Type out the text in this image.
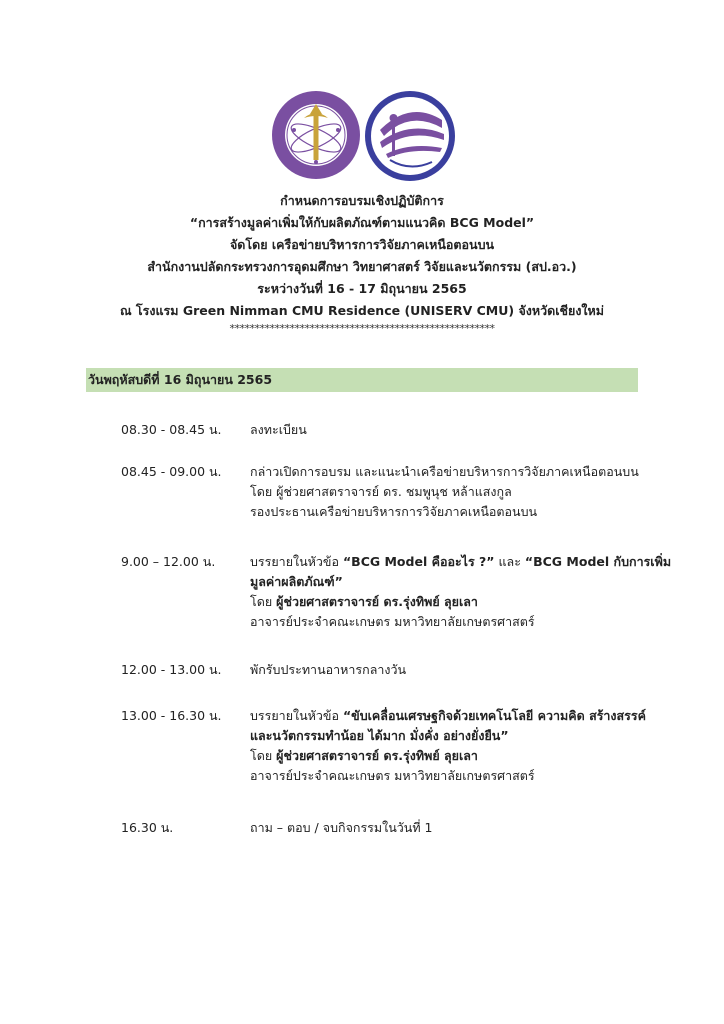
กำหนดการอบรมเชิงปฏิบัติการ
“การสร้างมูลค่าเพิ่มให้กับผลิตภัณฑ์ตามแนวคิด BCG Model”
จัดโดย เครือข่ายบริหารการวิจัยภาคเหนือตอนบน
สำนักงานปลัดกระทรวงการอุดมศึกษา วิทยาศาสตร์ วิจัยและนวัตกรรม (สป.อว.)
ระหว่างวันที่ 16 - 17 มิถุนายน 2565
ณ โรงแรม Green Nimman CMU Residence (UNISERV CMU) จังหวัดเชียงใหม่
*****************************************************
วันพฤหัสบดีที่ 16 มิถุนายน 2565
08.30 - 08.45 น. ลงทะเบียน
08.45 - 09.00 น. กล่าวเปิดการอบรม และแนะนำเครือข่ายบริหารการวิจัยภาคเหนือตอนบน
โดย ผู้ช่วยศาสตราจารย์ ดร. ชมพูนุช หล้าแสงกูล
รองประธานเครือข่ายบริหารการวิจัยภาคเหนือตอนบน
9.00 – 12.00 น.	บรรยายในหัวข้อ “BCG Model คืออะไร ?” และ “BCG Model กับการเพิ่ม
มูลค่าผลิตภัณฑ์”
โดย ผู้ช่วยศาสตราจารย์ ดร.รุ่งทิพย์ ลุยเลา
อาจารย์ประจำคณะเกษตร มหาวิทยาลัยเกษตรศาสตร์
12.00 - 13.00 น. พักรับประทานอาหารกลางวัน
13.00 - 16.30 น. บรรยายในหัวข้อ “ขับเคลื่อนเศรษฐกิจด้วยเทคโนโลยี ความคิด สร้างสรรค์
และนวัตกรรมทำน้อย ได้มาก มั่งคั่ง อย่างยั่งยืน”
โดย ผู้ช่วยศาสตราจารย์ ดร.รุ่งทิพย์ ลุยเลา
อาจารย์ประจำคณะเกษตร มหาวิทยาลัยเกษตรศาสตร์
16.30 น.	ถาม – ตอบ / จบกิจกรรมในวันที่ 1
